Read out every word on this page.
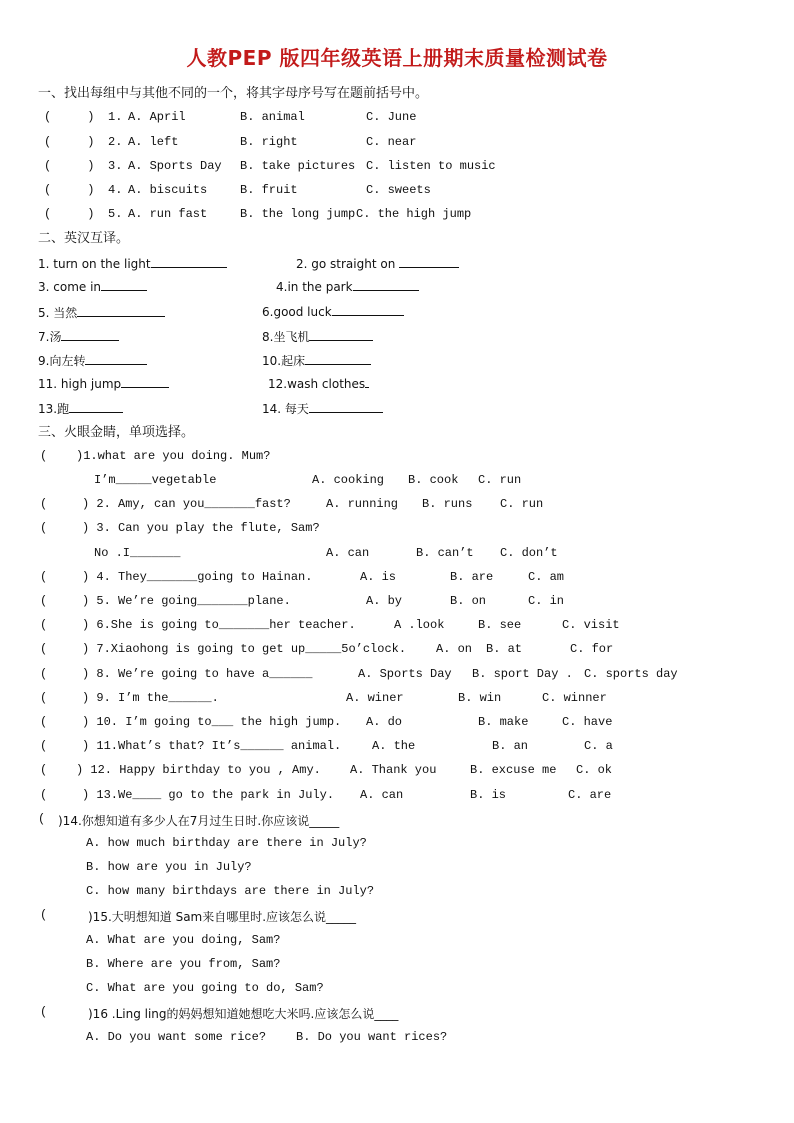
人教PEP 版四年级英语上册期末质量检测试卷
一、找出每组中与其他不同的一个，将其字母序号写在题前括号中。
(     ) 1. A. April	B. animal	C. June
(     ) 2. A. left	B. right	C. near
(     ) 3. A. Sports Day B. take pictures C. listen to music
(     ) 4. A. biscuits	B. fruit	C. sweets
(     ) 5. A. run fast	B. the long jump C. the high jump
二、英汉互译。
1. turn on the light	2. go straight on
3. come in	4.in the park
5. 当然	6.good luck
7.汤	8.坐飞机
9.向左转	10.起床
11. high jump	12.wash clothes
13.跑	14. 每天
三、火眼金睛，单项选择。
( )1.what are you doing. Mum?
I’m_____vegetable	A. cooking B. cook C. run
( ) 2. Amy, can you_______fast?	A. running B. runs C. run
( ) 3. Can you play the flute, Sam?
No .I_______	A. can	B. can’t C. don’t
( ) 4. They_______going to Hainan.	A. is	B. are	C. am
( ) 5. We’re going_______plane.	A. by	B. on	C. in
( ) 6.She is going to_______her teacher.	A .look	B. see	C. visit
( ) 7.Xiaohong is going to get up_____5o’clock. A. on B. at	C. for
( ) 8. We’re going to have a______	A. Sports Day B. sport Day . C. sports day
( ) 9. I’m the______.	A. winer	B. win	C. winner
( ) 10. I’m going to___ the high jump. A. do	B. make	C. have
( ) 11.What’s that? It’s______ animal.	A. the	B. an	C. a
(
) 12. Happy birthday to you , Amy. A. Thank you	B. excuse me C. ok
( ) 13.We____ go to the park in July. A. can	B. is	C. are
(
)14.你想知道有多少人在7月过生日时.你应该说_____
A. how much birthday are there in July?
B. how are you in July?
C. how many birthdays are there in July?
(
)15.大明想知道 Sam来自哪里时.应该怎么说_____
A. What are you doing, Sam?
B. Where are you from, Sam?
C. What are you going to do, Sam?
(
)16 .Ling ling的妈妈想知道她想吃大米吗.应该怎么说____
A. Do you want some rice? B. Do you want rices?
